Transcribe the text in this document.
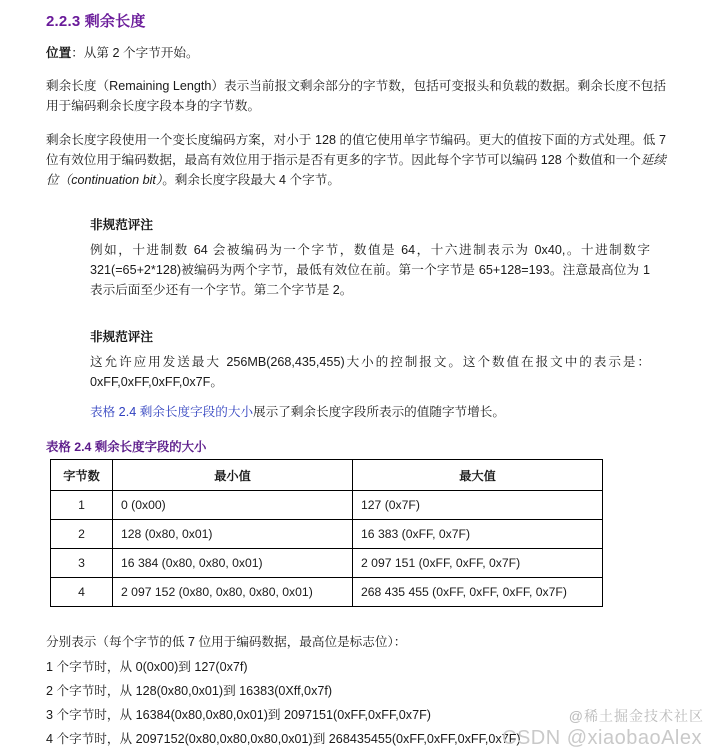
2.2.3 剩余长度
位置：从第 2 个字节开始。
剩余长度（Remaining Length）表示当前报文剩余部分的字节数，包括可变报头和负载的数据。剩余长度不包括用于编码剩余长度字段本身的字节数。
剩余长度字段使用一个变长度编码方案，对小于 128 的值它使用单字节编码。更大的值按下面的方式处理。低 7 位有效位用于编码数据，最高有效位用于指示是否有更多的字节。因此每个字节可以编码 128 个数值和一个延续位（continuation bit）。剩余长度字段最大 4 个字节。
非规范评注
例如，十进制数 64 会被编码为一个字节，数值是 64，十六进制表示为 0x40,。十进制数字 321(=65+2*128)被编码为两个字节，最低有效位在前。第一个字节是 65+128=193。注意最高位为 1 表示后面至少还有一个字节。第二个字节是 2。
非规范评注
这允许应用发送最大 256MB(268,435,455)大小的控制报文。这个数值在报文中的表示是：0xFF,0xFF,0xFF,0x7F。
表格 2.4 剩余长度字段的大小展示了剩余长度字段所表示的值随字节增长。
表格 2.4 剩余长度字段的大小
字节数	最小值	最大值
1	0 (0x00)	127 (0x7F)
2	128 (0x80, 0x01)	16 383 (0xFF, 0x7F)
3	16 384 (0x80, 0x80, 0x01)	2 097 151 (0xFF, 0xFF, 0x7F)
4	2 097 152 (0x80, 0x80, 0x80, 0x01)	268 435 455 (0xFF, 0xFF, 0xFF, 0x7F)
分别表示（每个字节的低 7 位用于编码数据，最高位是标志位）：
1 个字节时，从 0(0x00)到 127(0x7f)
2 个字节时，从 128(0x80,0x01)到 16383(0Xff,0x7f)
3 个字节时，从 16384(0x80,0x80,0x01)到 2097151(0xFF,0xFF,0x7F)
4 个字节时，从 2097152(0x80,0x80,0x80,0x01)到 268435455(0xFF,0xFF,0xFF,0x7F)
@稀土掘金技术社区
CSDN @xiaobaoAlex
